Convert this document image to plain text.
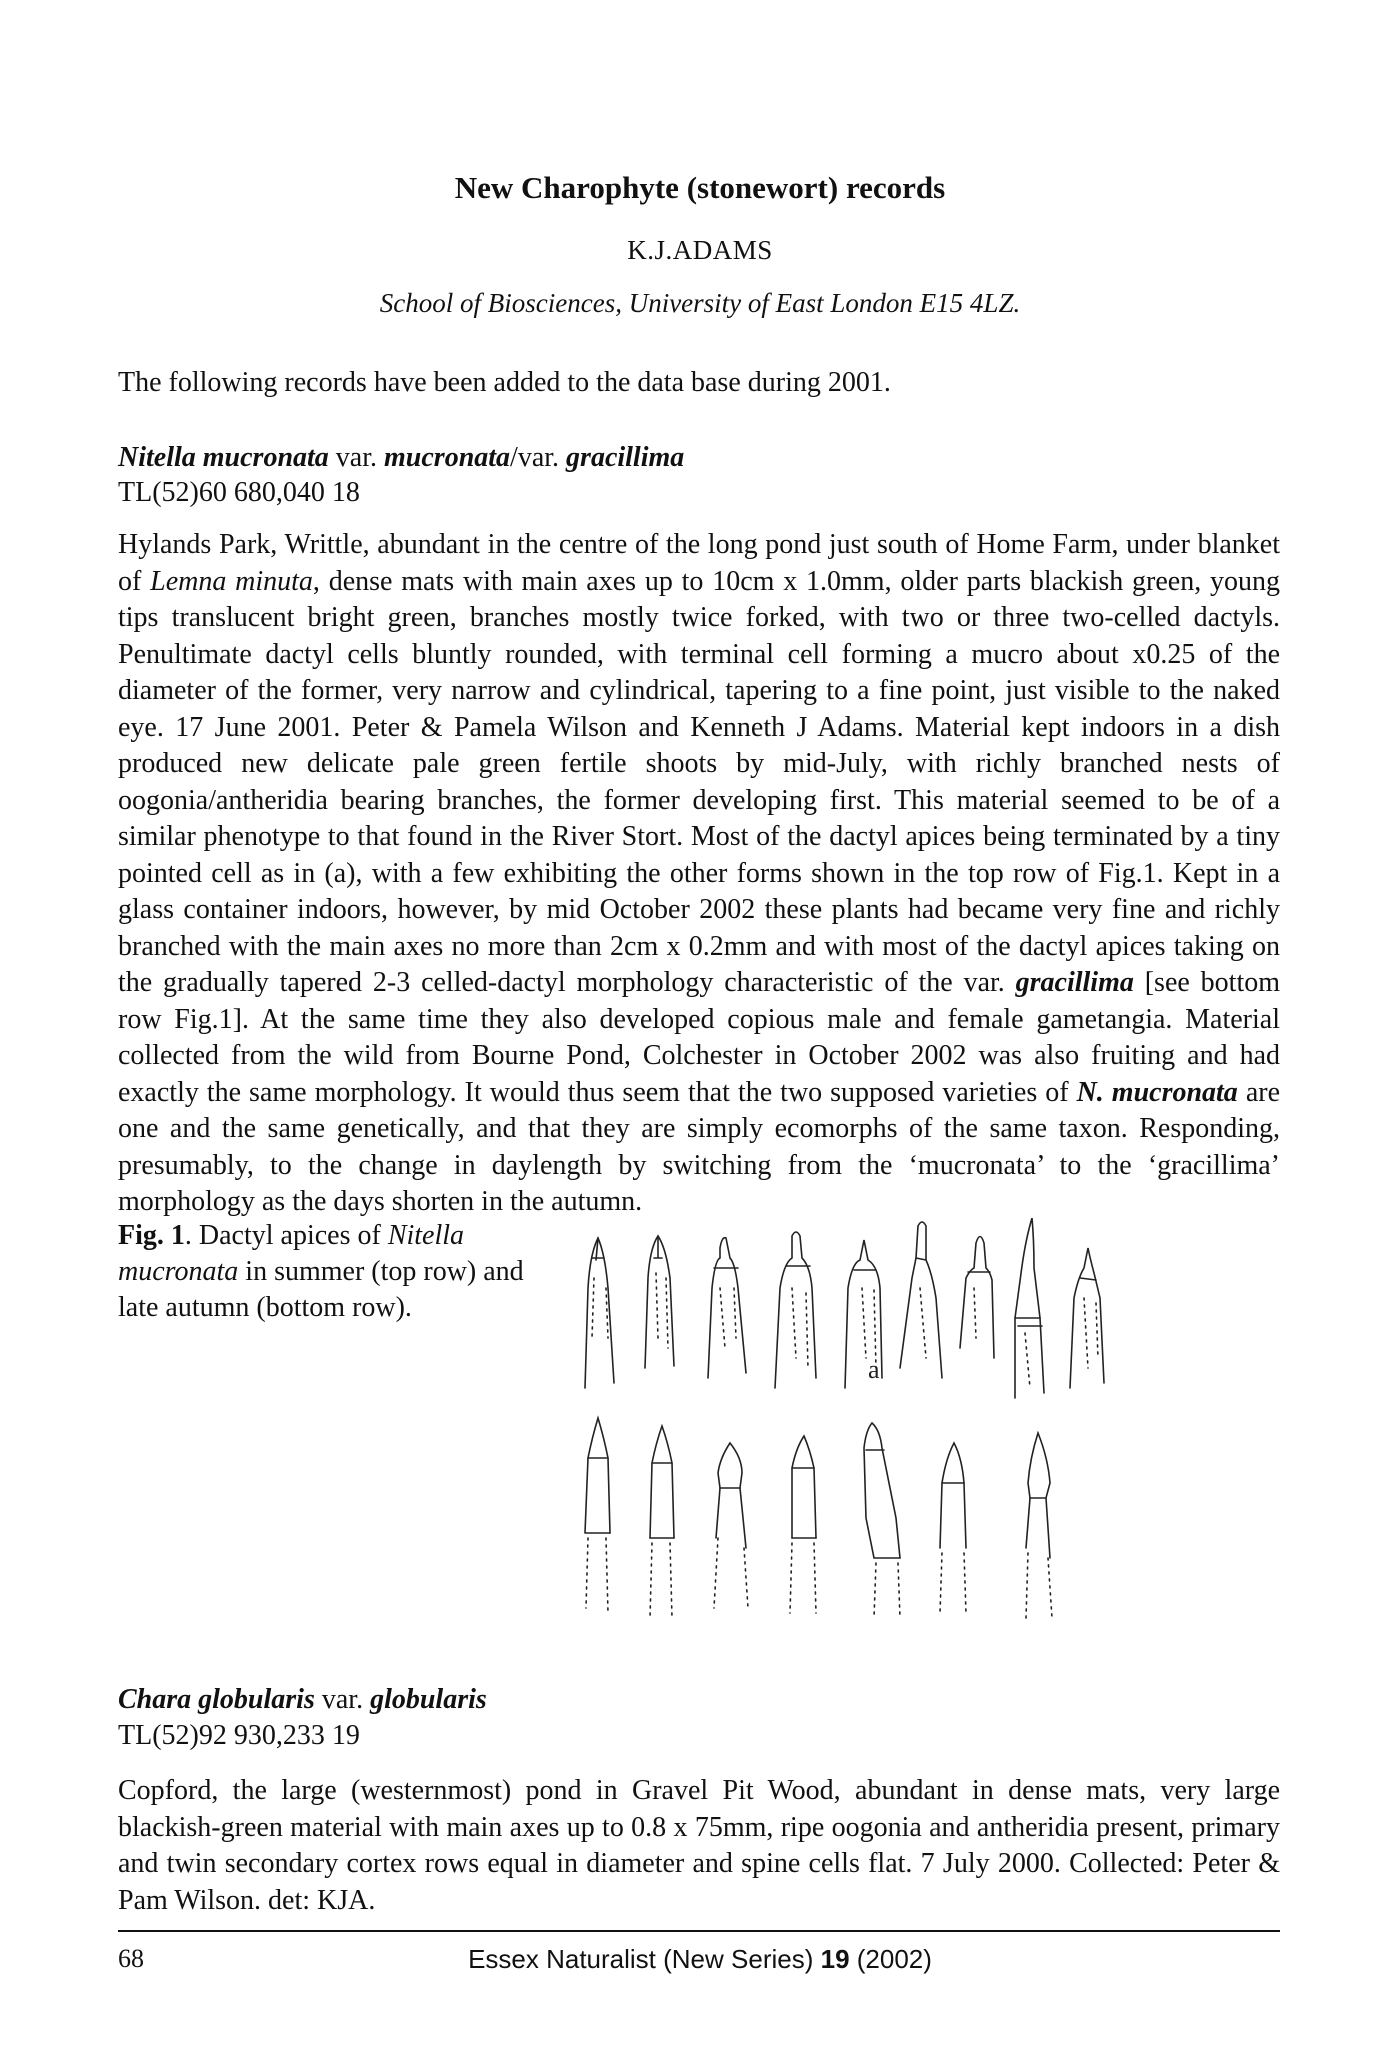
New Charophyte (stonewort) records
K.J.ADAMS
School of Biosciences, University of East London E15 4LZ.
The following records have been added to the data base during 2001.
Nitella mucronata var. mucronata/var. gracillima
TL(52)60 680,040 18
Hylands Park, Writtle, abundant in the centre of the long pond just south of Home Farm, under blanket of Lemna minuta, dense mats with main axes up to 10cm x 1.0mm, older parts blackish green, young tips translucent bright green, branches mostly twice forked, with two or three two-celled dactyls. Penultimate dactyl cells bluntly rounded, with terminal cell forming a mucro about x0.25 of the diameter of the former, very narrow and cylindrical, tapering to a fine point, just visible to the naked eye. 17 June 2001. Peter & Pamela Wilson and Kenneth J Adams. Material kept indoors in a dish produced new delicate pale green fertile shoots by mid-July, with richly branched nests of oogonia/antheridia bearing branches, the former developing first. This material seemed to be of a similar phenotype to that found in the River Stort. Most of the dactyl apices being terminated by a tiny pointed cell as in (a), with a few exhibiting the other forms shown in the top row of Fig.1. Kept in a glass container indoors, however, by mid October 2002 these plants had became very fine and richly branched with the main axes no more than 2cm x 0.2mm and with most of the dactyl apices taking on the gradually tapered 2-3 celled-dactyl morphology characteristic of the var. gracillima [see bottom row Fig.1]. At the same time they also developed copious male and female gametangia. Material collected from the wild from Bourne Pond, Colchester in October 2002 was also fruiting and had exactly the same morphology. It would thus seem that the two supposed varieties of N. mucronata are one and the same genetically, and that they are simply ecomorphs of the same taxon. Responding, presumably, to the change in daylength by switching from the ‘mucronata’ to the ‘gracillima’ morphology as the days shorten in the autumn.
Fig. 1. Dactyl apices of Nitella mucronata in summer (top row) and late autumn (bottom row).
a
Chara globularis var. globularis
TL(52)92 930,233 19
Copford, the large (westernmost) pond in Gravel Pit Wood, abundant in dense mats, very large blackish-green material with main axes up to 0.8 x 75mm, ripe oogonia and antheridia present, primary and twin secondary cortex rows equal in diameter and spine cells flat. 7 July 2000. Collected: Peter & Pam Wilson. det: KJA.
68	Essex Naturalist (New Series) 19 (2002)
